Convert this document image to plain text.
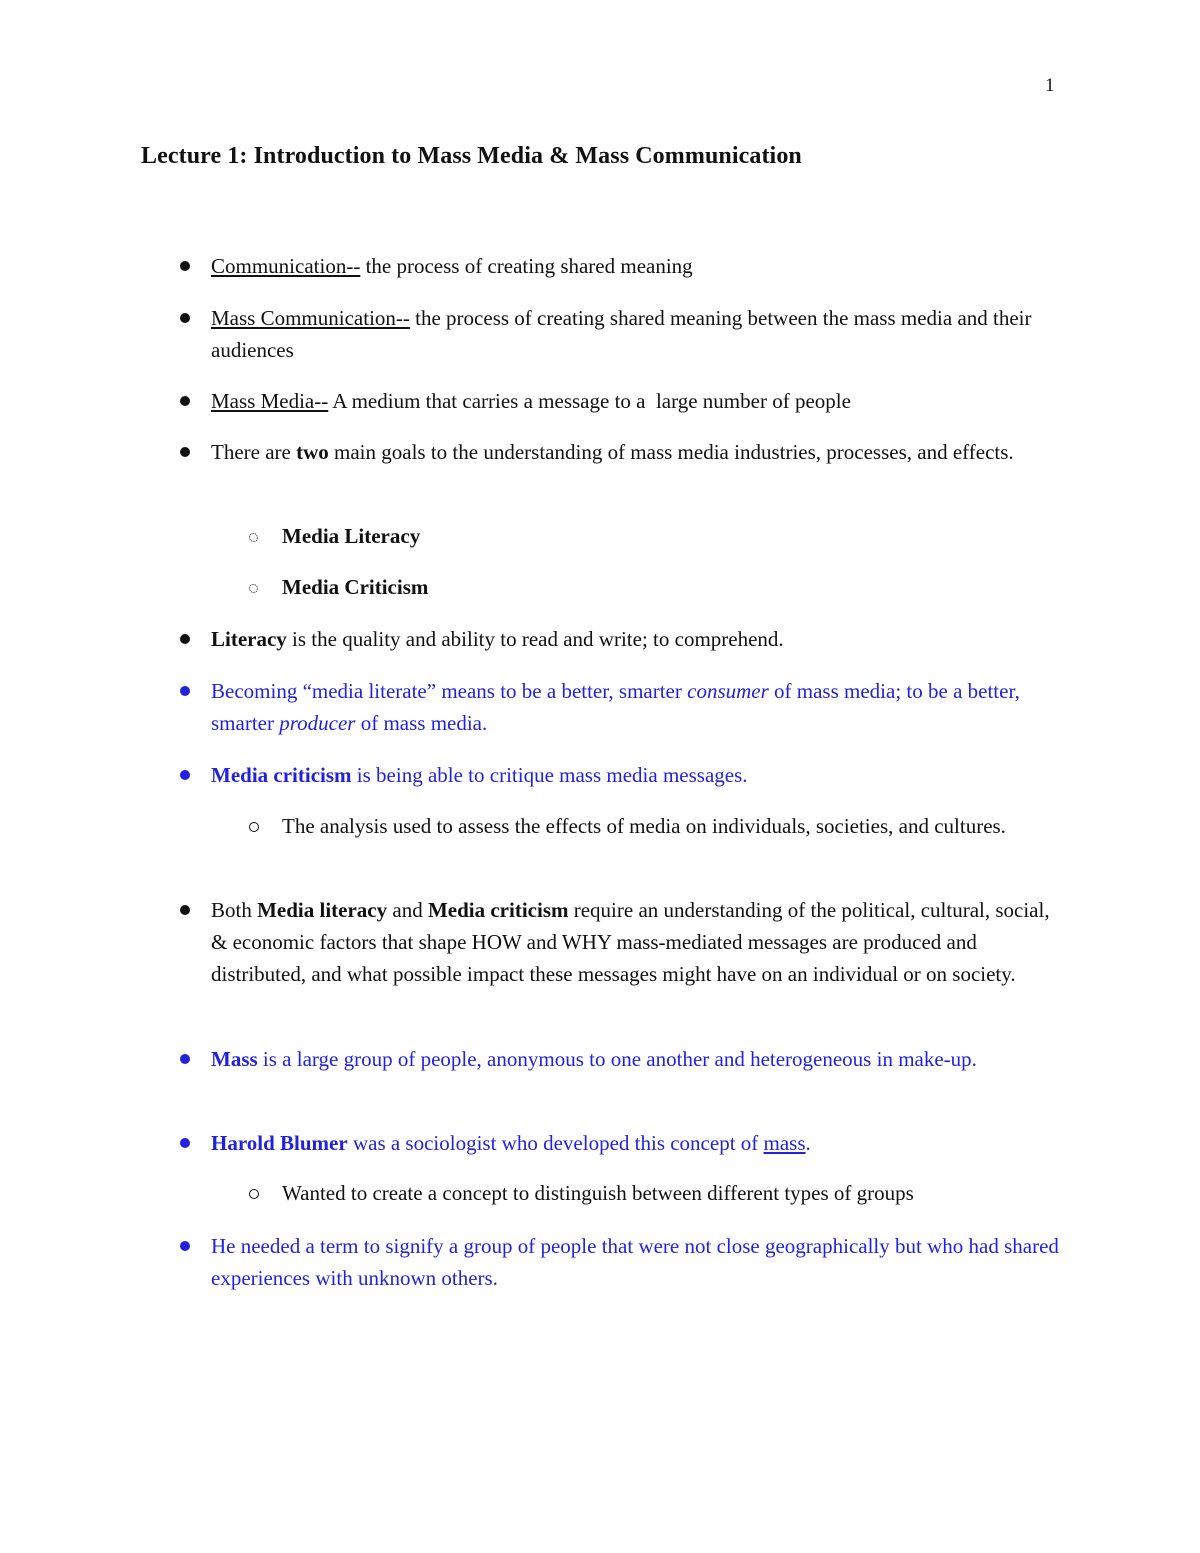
1
Lecture 1: Introduction to Mass Media & Mass Communication
Communication-- the process of creating shared meaning
Mass Communication-- the process of creating shared meaning between the mass media and their audiences
Mass Media-- A medium that carries a message to a  large number of people
There are two main goals to the understanding of mass media industries, processes, and effects.
Media Literacy
Media Criticism
Literacy is the quality and ability to read and write; to comprehend.
Becoming “media literate” means to be a better, smarter consumer of mass media; to be a better, smarter producer of mass media.
Media criticism is being able to critique mass media messages.
The analysis used to assess the effects of media on individuals, societies, and cultures.
Both Media literacy and Media criticism require an understanding of the political, cultural, social, & economic factors that shape HOW and WHY mass-mediated messages are produced and distributed, and what possible impact these messages might have on an individual or on society.
Mass is a large group of people, anonymous to one another and heterogeneous in make-up.
Harold Blumer was a sociologist who developed this concept of mass.
Wanted to create a concept to distinguish between different types of groups
He needed a term to signify a group of people that were not close geographically but who had shared experiences with unknown others.
